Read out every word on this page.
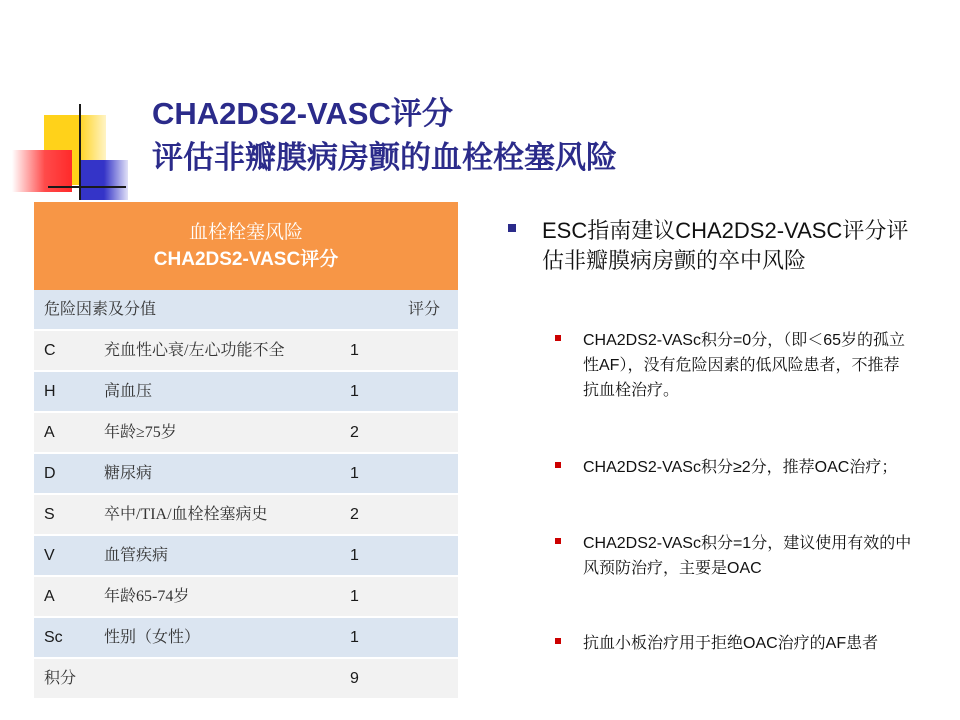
CHA2DS2-VASC评分
评估非瓣膜病房颤的血栓栓塞风险
血栓栓塞风险
CHA2DS2-VASC评分
危险因素及分值	评分
C	充血性心衰/左心功能不全	1
H	高血压	1
A	年龄≥75岁	2
D	糖尿病	1
S	卒中/TIA/血栓栓塞病史	2
V	血管疾病	1
A	年龄65-74岁	1
Sc	性别（女性）	1
积分	9
ESC指南建议CHA2DS2-VASC评分评估非瓣膜病房颤的卒中风险
CHA2DS2-VASc积分=0分，（即＜65岁的孤立性AF），没有危险因素的低风险患者，不推荐抗血栓治疗。
CHA2DS2-VASc积分≥2分，推荐OAC治疗；
CHA2DS2-VASc积分=1分，建议使用有效的中风预防治疗，主要是OAC
抗血小板治疗用于拒绝OAC治疗的AF患者
